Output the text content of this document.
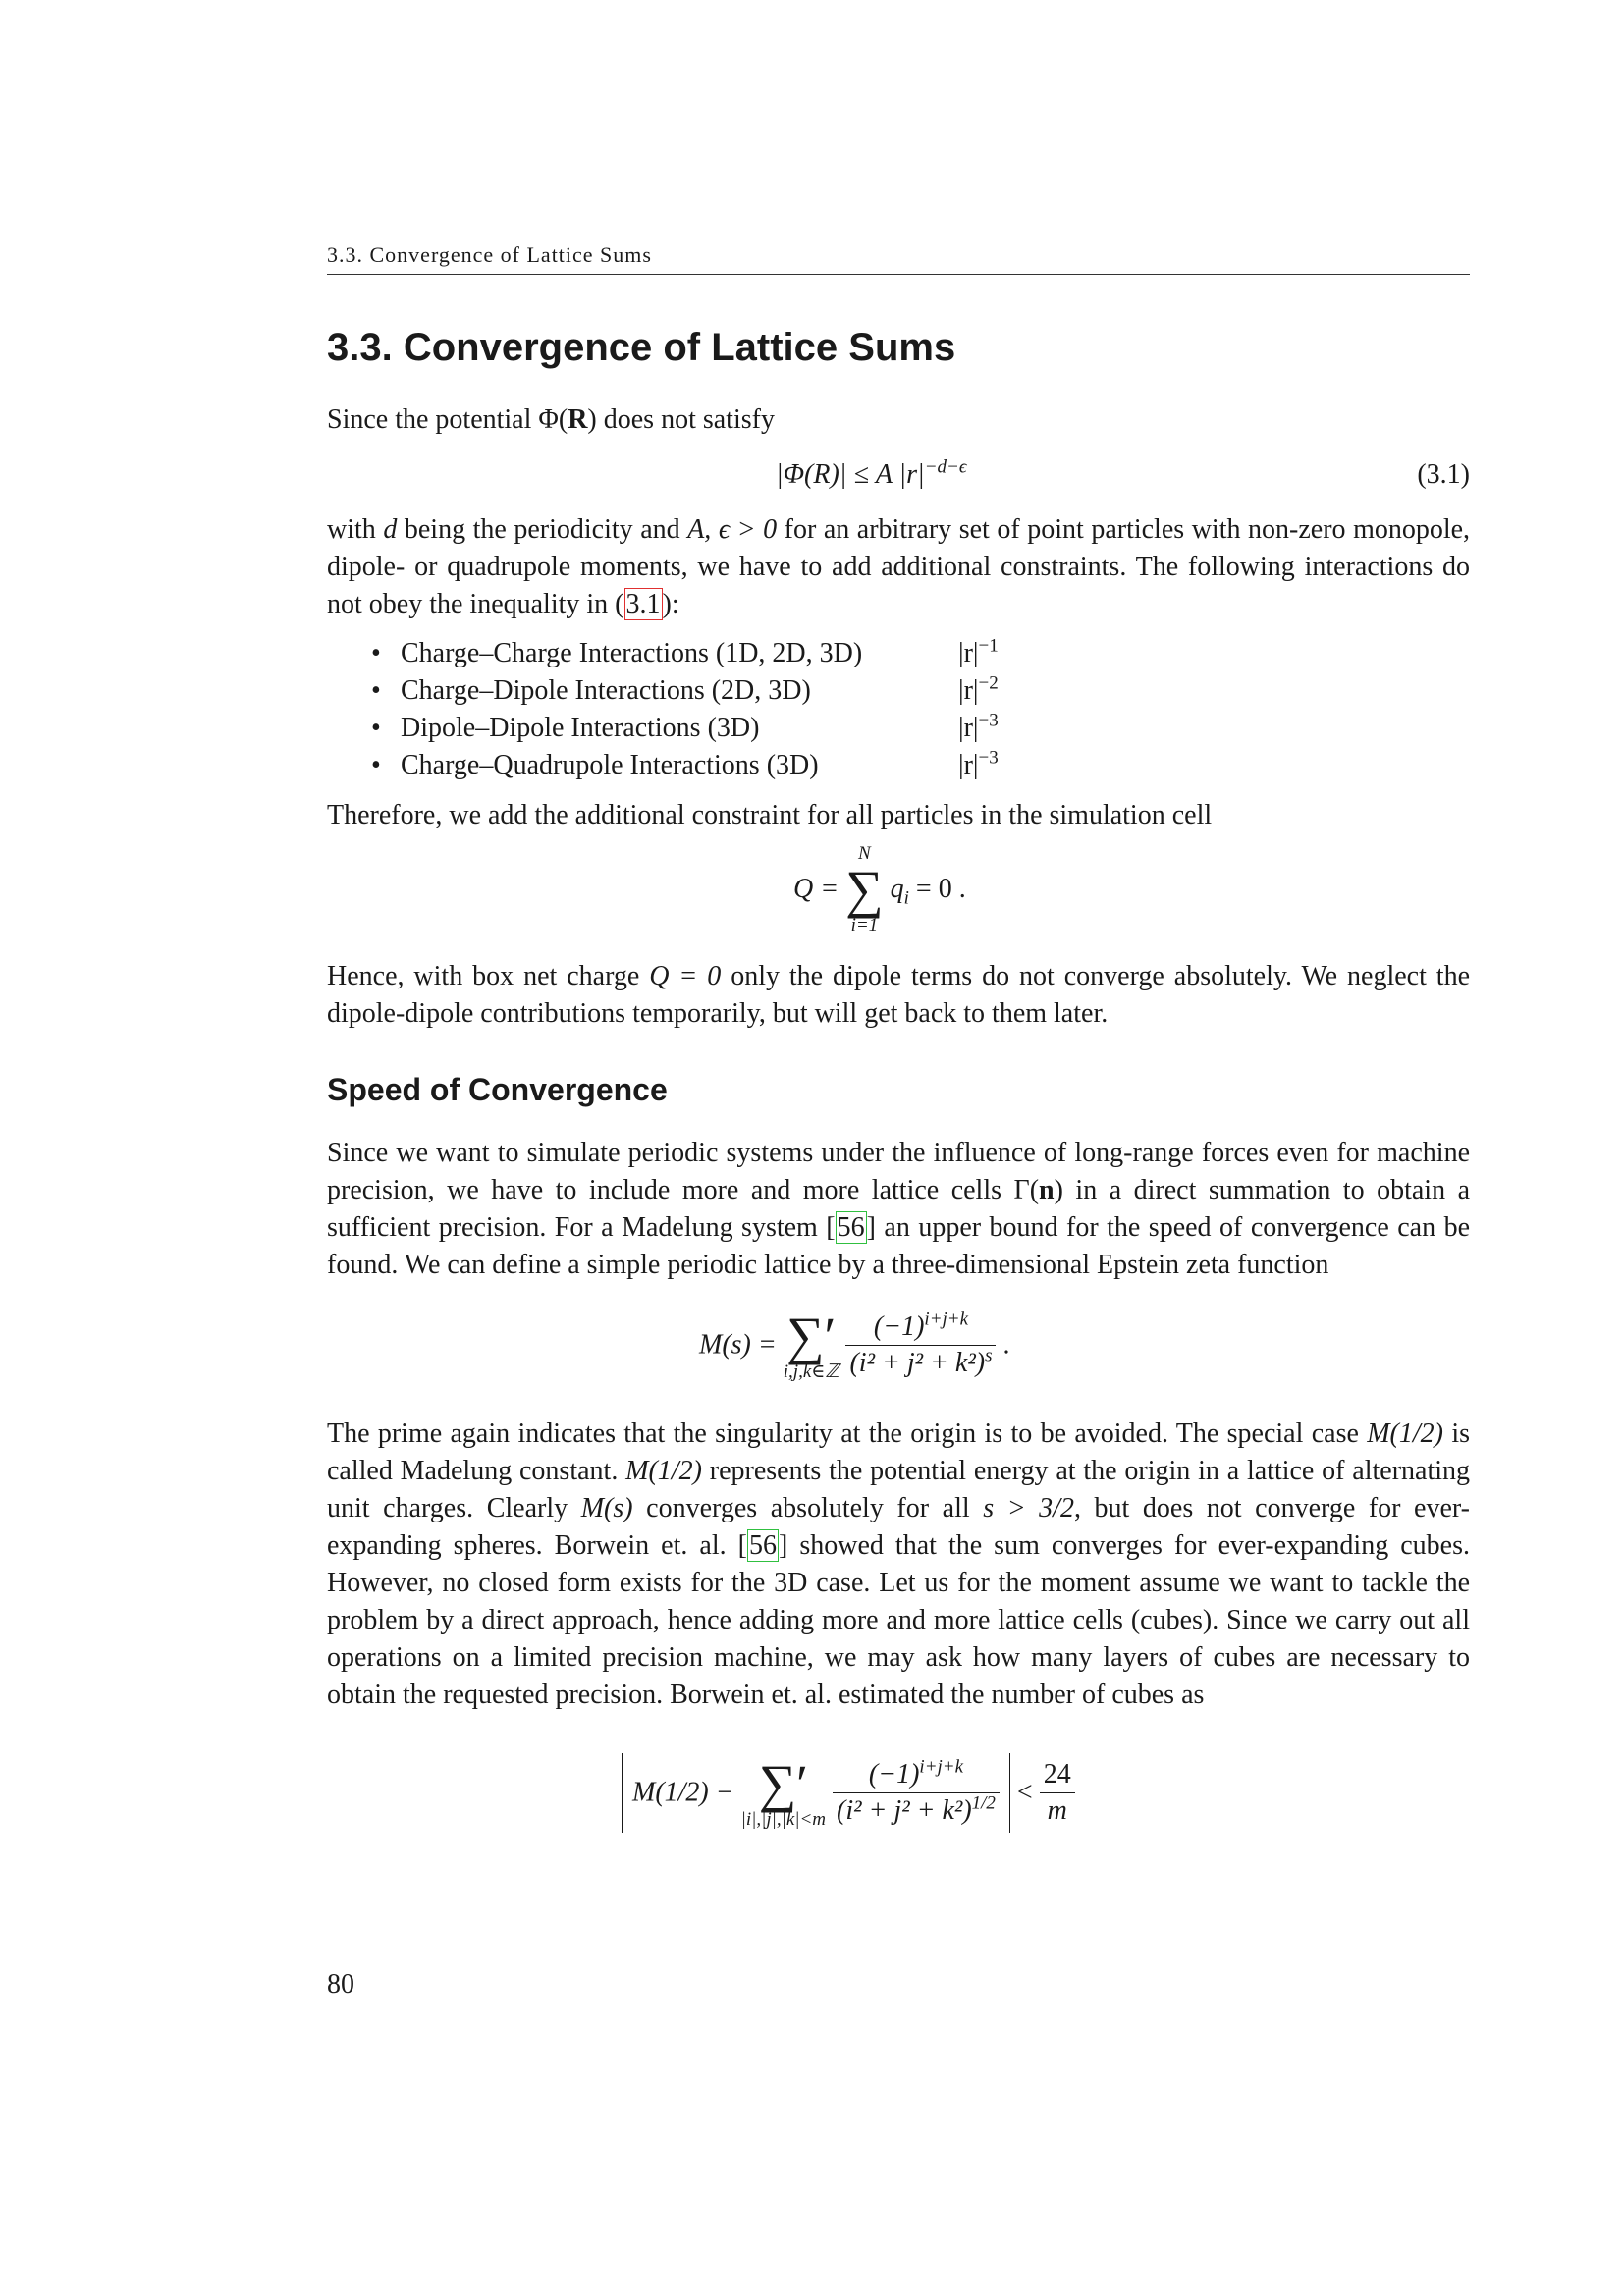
3.3. Convergence of Lattice Sums
3.3. Convergence of Lattice Sums

Since the potential Φ(R) does not satisfy

|Φ(R)| ≤ A $|r|^{-d-\epsilon}$	(3.1)

with d being the periodicity and A, ϵ > 0 for an arbitrary set of point particles with non-zero monopole, dipole- or quadrupole moments, we have to add additional constraints. The following interactions do not obey the inequality in (3.1):

• Charge–Charge Interactions (1D, 2D, 3D)	$|r|^{-1}$
• Charge–Dipole Interactions (2D, 3D)	$|r|^{-2}$
• Dipole–Dipole Interactions (3D)	$|r|^{-3}$
• Charge–Quadrupole Interactions (3D)	$|r|^{-3}$

Therefore, we add the additional constraint for all particles in the simulation cell

Q =
N
∑
i=1
$q_i = 0$ .

Hence, with box net charge Q = 0 only the dipole terms do not converge absolutely. We neglect the dipole-dipole contributions temporarily, but will get back to them later.

Speed of Convergence

Since we want to simulate periodic systems under the influence of long-range forces even for machine precision, we have to include more and more lattice cells Γ(n) in a direct summation to obtain a sufficient precision. For a Madelung system [56] an upper bound for the speed of convergence can be found. We can define a simple periodic lattice by a three-dimensional Epstein zeta function

M(s) = ∑′
i,j,k∈ℤ
$\frac{(-1)^{i+j+k}}{(i^2 + j^2 + k^2)^s}$ .

The prime again indicates that the singularity at the origin is to be avoided. The special case M(1/2) is called Madelung constant. M(1/2) represents the potential energy at the origin in a lattice of alternating unit charges. Clearly M(s) converges absolutely for all s > 3/2, but does not converge for ever-expanding spheres. Borwein et. al. [56] showed that the sum converges for ever-expanding cubes. However, no closed form exists for the 3D case. Let us for the moment assume we want to tackle the problem by a direct approach, hence adding more and more lattice cells (cubes). Since we carry out all operations on a limited precision machine, we may ask how many layers of cubes are necessary to obtain the requested precision. Borwein et. al. estimated the number of cubes as

M(1/2) − ∑′
|i|,|j|,|k|<m
$\frac{(-1)^{i+j+k}}{(i^2 + j^2 + k^2)^{1/2}} < \frac{24}{m}$
80
